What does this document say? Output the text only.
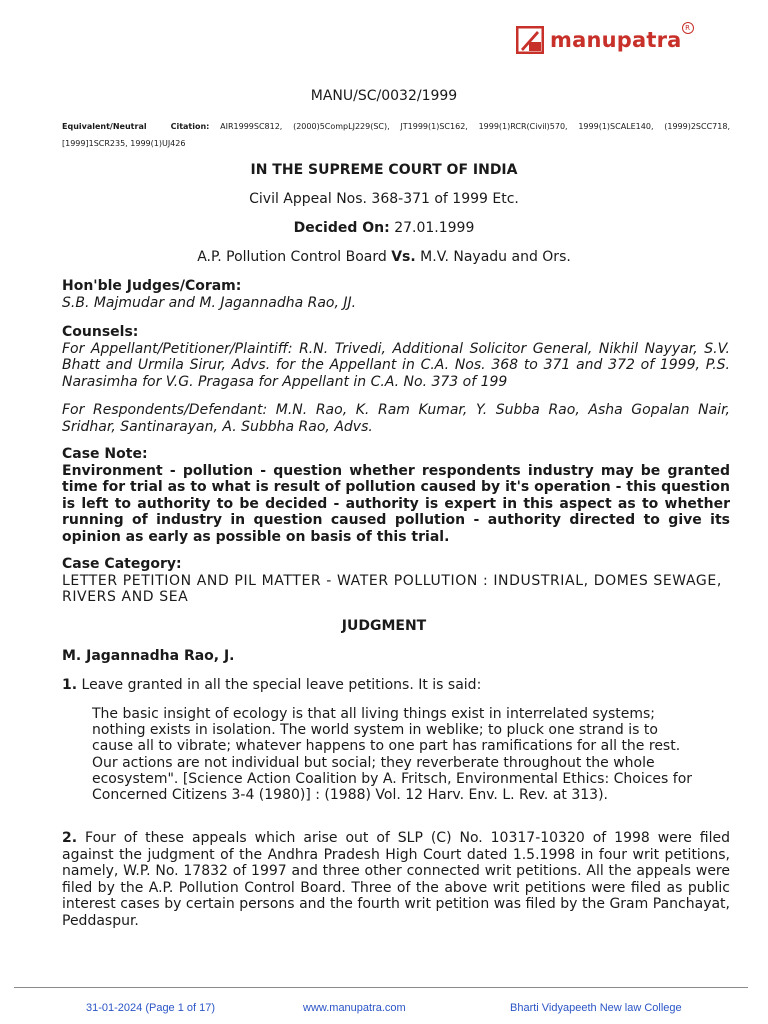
manupatra R

MANU/SC/0032/1999

Equivalent/Neutral	Citation: AIR1999SC812, (2000)5CompLJ229(SC), JT1999(1)SC162, 1999(1)RCR(Civil)570, 1999(1)SCALE140, (1999)2SCC718, [1999]1SCR235, 1999(1)UJ426

IN THE SUPREME COURT OF INDIA

Civil Appeal Nos. 368-371 of 1999 Etc.

Decided On: 27.01.1999

A.P. Pollution Control Board Vs. M.V. Nayadu and Ors.

Hon'ble Judges/Coram:
S.B. Majmudar and M. Jagannadha Rao, JJ.
Counsels:
For Appellant/Petitioner/Plaintiff: R.N. Trivedi, Additional Solicitor General, Nikhil Nayyar, S.V. Bhatt and Urmila Sirur, Advs. for the Appellant in C.A. Nos. 368 to 371 and 372 of 1999, P.S. Narasimha for V.G. Pragasa for Appellant in C.A. No. 373 of 199
For Respondents/Defendant: M.N. Rao, K. Ram Kumar, Y. Subba Rao, Asha Gopalan Nair, Sridhar, Santinarayan, A. Subbha Rao, Advs.
Case Note:
Environment - pollution - question whether respondents industry may be granted time for trial as to what is result of pollution caused by it's operation - this question is left to authority to be decided - authority is expert in this aspect as to whether running of industry in question caused pollution - authority directed to give its opinion as early as possible on basis of this trial.
Case Category:
LETTER PETITION AND PIL MATTER - WATER POLLUTION : INDUSTRIAL, DOMES SEWAGE, RIVERS AND SEA

JUDGMENT

M. Jagannadha Rao, J.

1. Leave granted in all the special leave petitions. It is said:

The basic insight of ecology is that all living things exist in interrelated systems; nothing exists in isolation. The world system in weblike; to pluck one strand is to cause all to vibrate; whatever happens to one part has ramifications for all the rest. Our actions are not individual but social; they reverberate throughout the whole ecosystem". [Science Action Coalition by A. Fritsch, Environmental Ethics: Choices for Concerned Citizens 3-4 (1980)] : (1988) Vol. 12 Harv. Env. L. Rev. at 313).

2. Four of these appeals which arise out of SLP (C) No. 10317-10320 of 1998 were filed against the judgment of the Andhra Pradesh High Court dated 1.5.1998 in four writ petitions, namely, W.P. No. 17832 of 1997 and three other connected writ petitions. All the appeals were filed by the A.P. Pollution Control Board. Three of the above writ petitions were filed as public interest cases by certain persons and the fourth writ petition was filed by the Gram Panchayat, Peddaspur.

31-01-2024 (Page 1 of 17)	www.manupatra.com	Bharti Vidyapeeth New law College
